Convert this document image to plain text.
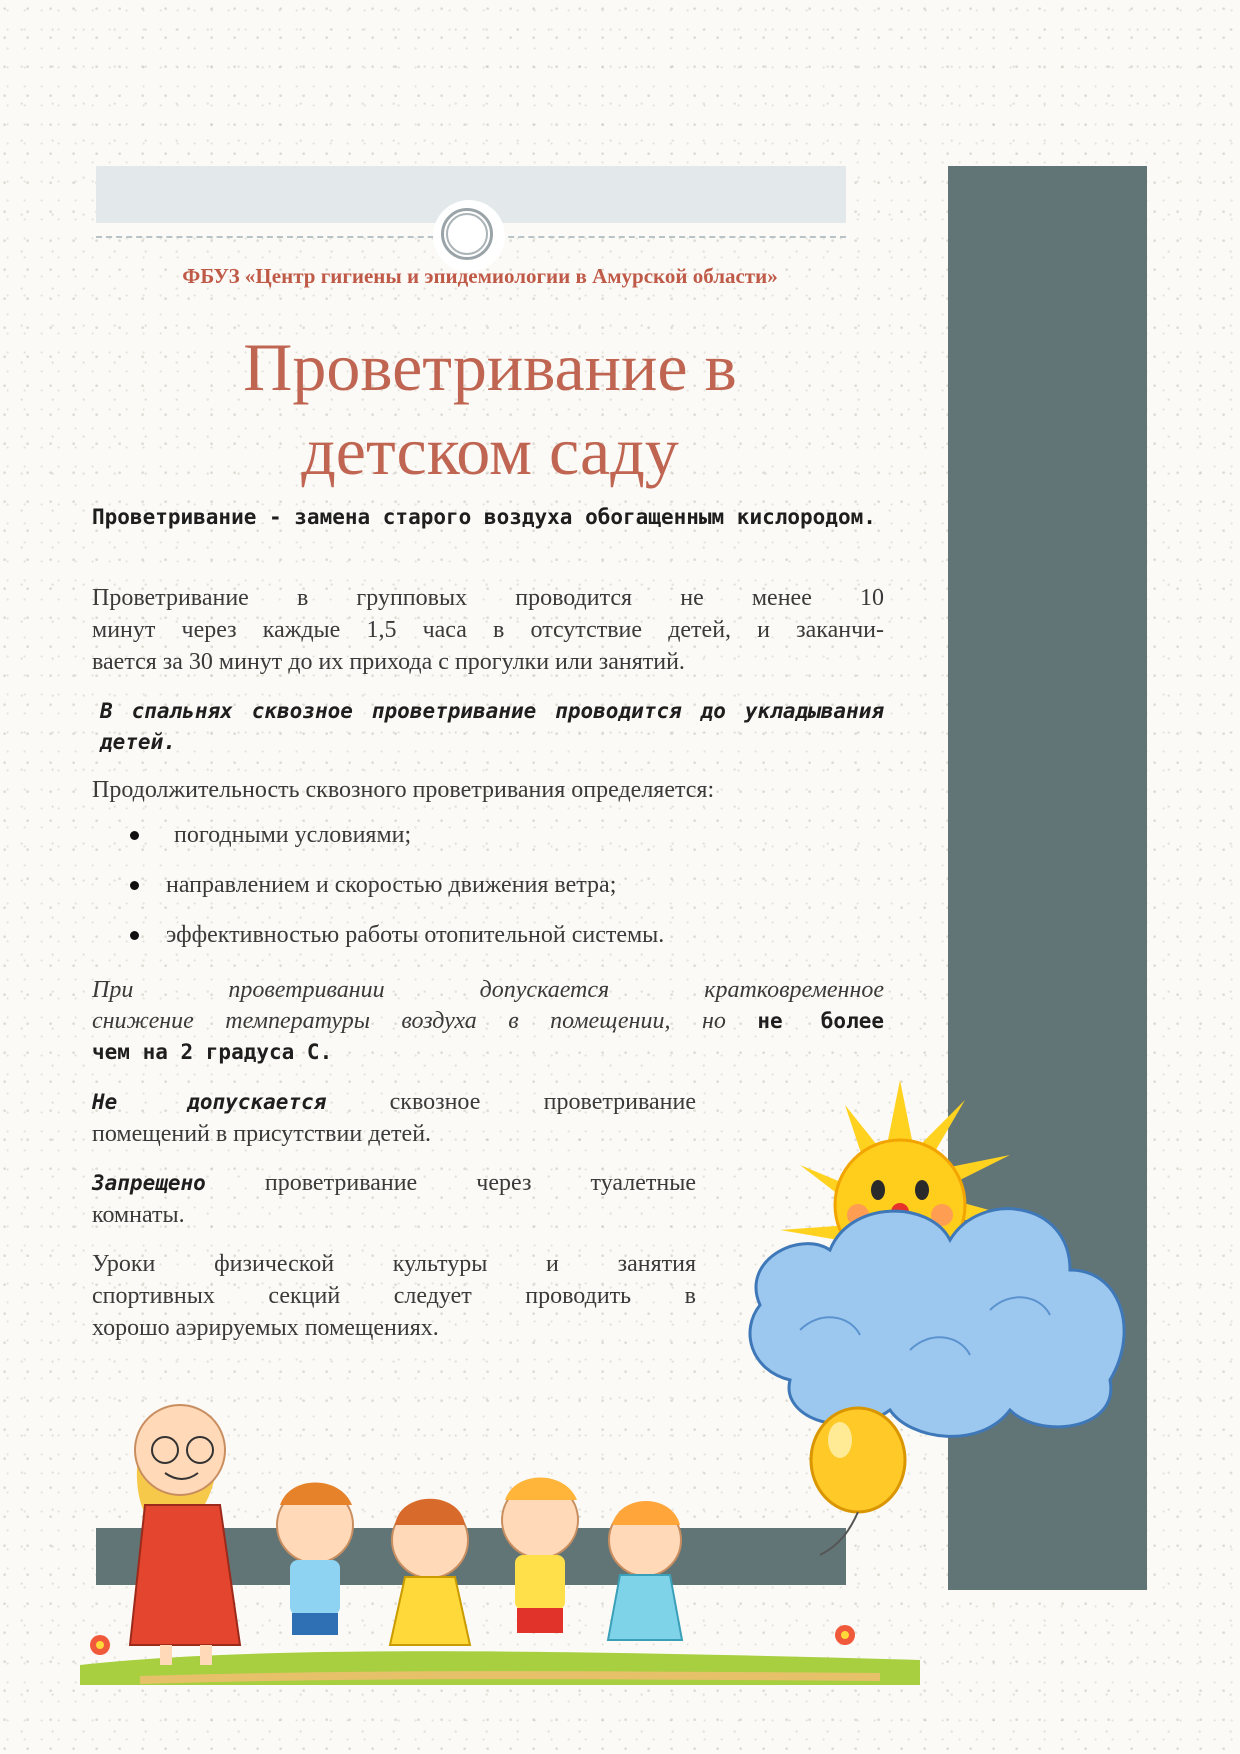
ФБУЗ «Центр гигиены и эпидемиологии в Амурской области»
Проветривание в
детском саду

Проветривание - замена старого воздуха обогащенным кислородом.

Проветривание в групповых проводится не менее 10
минут через каждые 1,5 часа в отсутствие детей, и заканчи-
вается за 30 минут до их прихода с прогулки или занятий.

В спальнях сквозное проветривание проводится до укладывания детей.

Продолжительность сквозного проветривания определяется:

погодными условиями;
направлением и скоростью движения ветра;
эффективностью работы отопительной системы.
При проветривании допускается кратковременное
снижение температуры воздуха в помещении, но не более
чем на 2 градуса С.
Не допускается	сквозное проветривание
помещений в присутствии детей.
Запрещено проветривание через туалетные
комнаты.
Уроки физической культуры и занятия
спортивных секций следует проводить в
хорошо аэрируемых помещениях.
